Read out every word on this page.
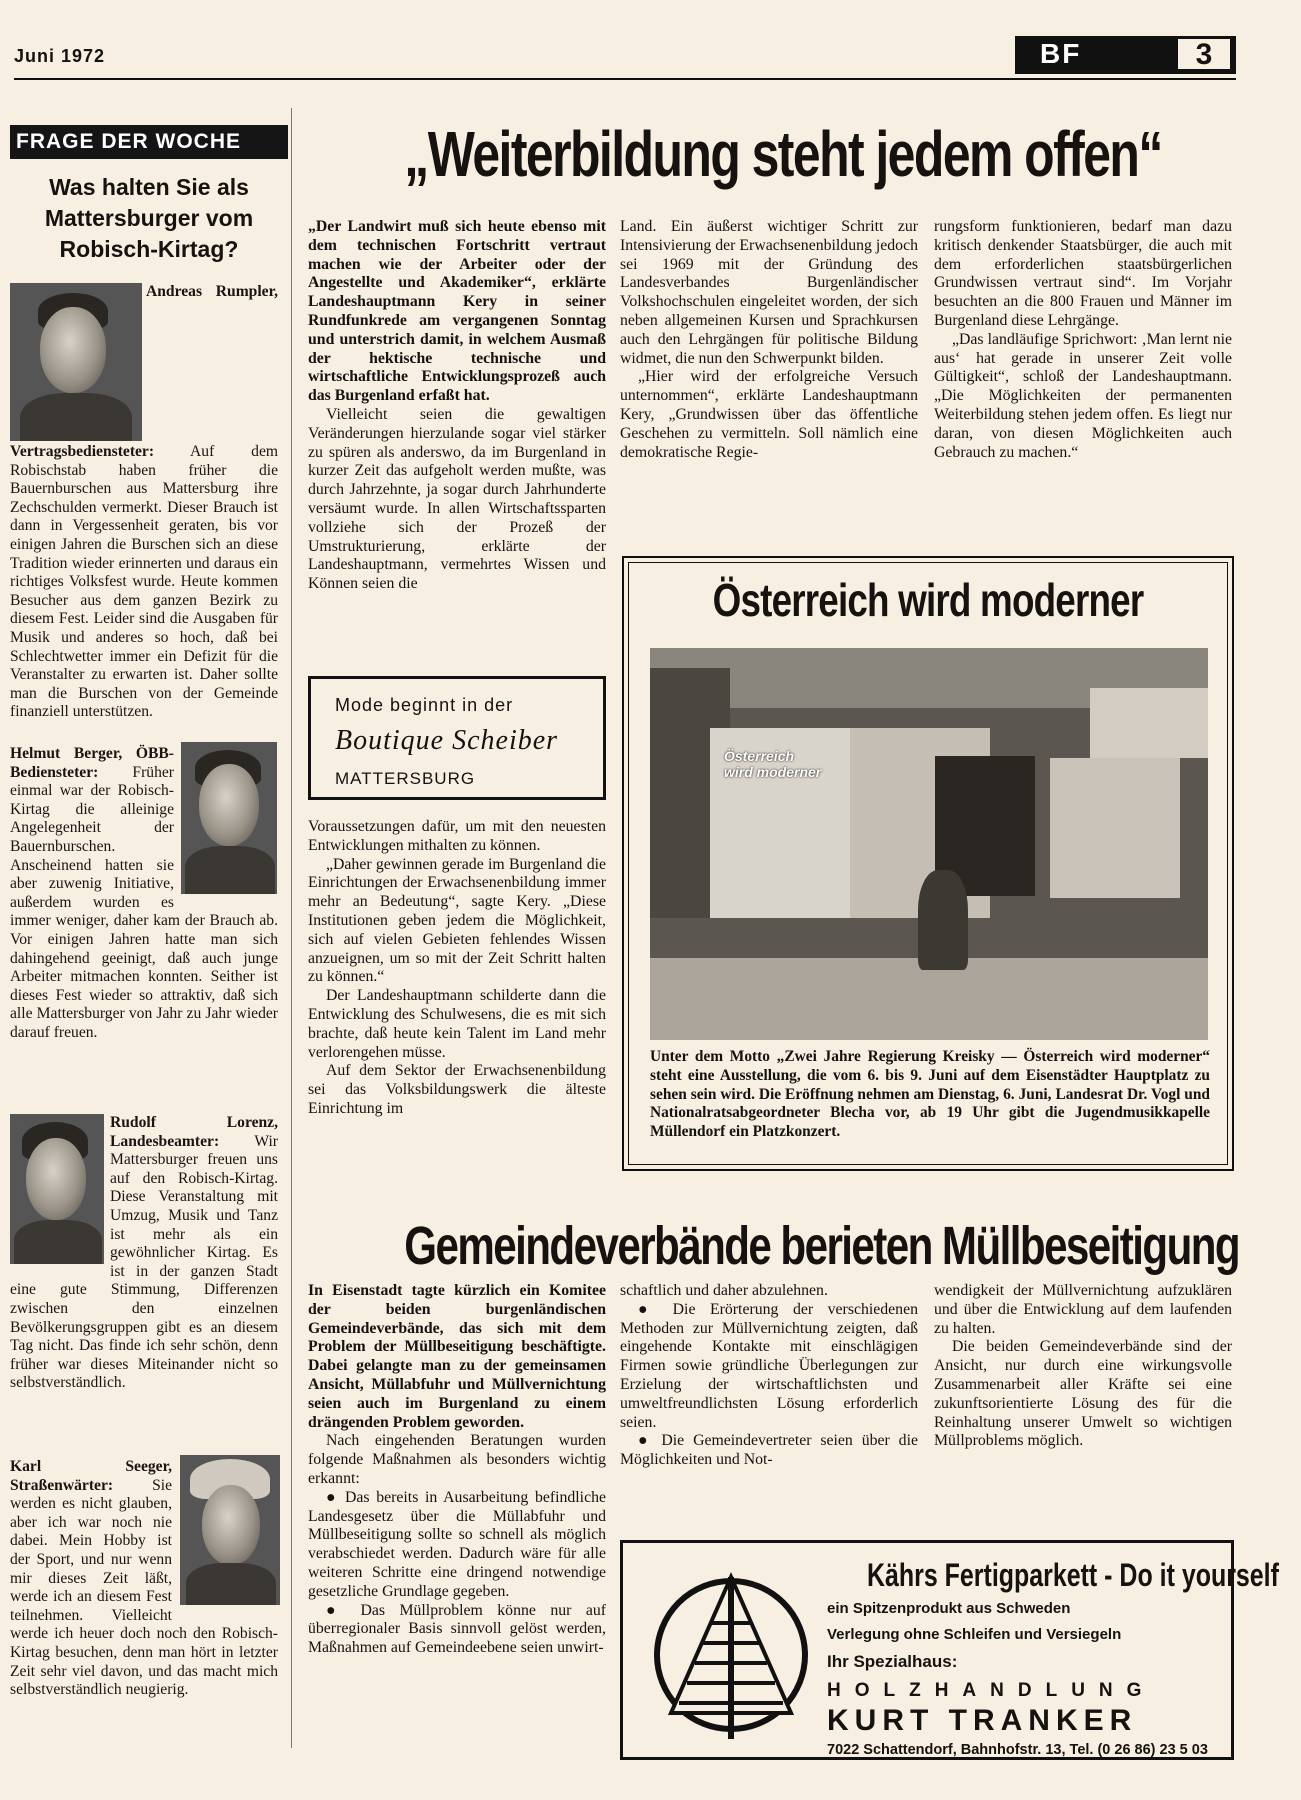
Juni 1972	BF	3
FRAGE DER WOCHE
Was halten Sie als Mattersburger vom Robisch-Kirtag?
Andreas Rumpler, Vertragsbediensteter: Auf dem Robischstab haben früher die Bauernburschen aus Mattersburg ihre Zechschulden vermerkt. Dieser Brauch ist dann in Vergessenheit geraten, bis vor einigen Jahren die Burschen sich an diese Tradition wieder erinnerten und daraus ein richtiges Volksfest wurde. Heute kommen Besucher aus dem ganzen Bezirk zu diesem Fest. Leider sind die Ausgaben für Musik und anderes so hoch, daß bei Schlechtwetter immer ein Defizit für die Veranstalter zu erwarten ist. Daher sollte man die Burschen von der Gemeinde finanziell unterstützen.
Helmut Berger, ÖBB-Bediensteter: Früher einmal war der Robisch-Kirtag die alleinige Angelegenheit der Bauernburschen. Anscheinend hatten sie aber zuwenig Initiative, außerdem wurden es immer weniger, daher kam der Brauch ab. Vor einigen Jahren hatte man sich dahingehend geeinigt, daß auch junge Arbeiter mitmachen konnten. Seither ist dieses Fest wieder so attraktiv, daß sich alle Mattersburger von Jahr zu Jahr wieder darauf freuen.
Rudolf Lorenz, Landesbeamter: Wir Mattersburger freuen uns auf den Robisch-Kirtag. Diese Veranstaltung mit Umzug, Musik und Tanz ist mehr als ein gewöhnlicher Kirtag. Es ist in der ganzen Stadt eine gute Stimmung, Differenzen zwischen den einzelnen Bevölkerungsgruppen gibt es an diesem Tag nicht. Das finde ich sehr schön, denn früher war dieses Miteinander nicht so selbstverständlich.
Karl Seeger, Straßenwärter:	Sie werden es nicht glauben, aber ich war noch nie dabei. Mein Hobby ist der Sport, und nur wenn mir dieses Zeit läßt, werde ich an diesem Fest teilnehmen. Vielleicht werde ich heuer doch noch den Robisch-Kirtag besuchen, denn man hört in letzter Zeit sehr viel davon, und das macht mich selbstverständlich neugierig.
„Weiterbildung steht jedem offen“

„Der Landwirt muß sich heute ebenso mit dem technischen Fortschritt vertraut machen wie der Arbeiter oder der Angestellte und Akademiker“, erklärte Landeshauptmann Kery in seiner Rundfunkrede am vergangenen Sonntag und unterstrich damit, in welchem Ausmaß der hektische technische und wirtschaftliche Entwicklungsprozeß auch das Burgenland erfaßt hat.

Vielleicht seien die gewaltigen Veränderungen hierzulande sogar viel stärker zu spüren als anderswo, da im Burgenland in kurzer Zeit das aufgeholt werden mußte, was durch Jahrzehnte, ja sogar durch Jahrhunderte versäumt wurde. In allen Wirtschaftssparten vollziehe sich der Prozeß der Umstrukturierung, erklärte der Landeshauptmann, vermehrtes Wissen und Können seien die

Mode beginnt in der
Boutique Scheiber
MATTERSBURG

Voraussetzungen dafür, um mit den neuesten Entwicklungen mithalten zu können.

„Daher gewinnen gerade im Burgenland die Einrichtungen der Erwachsenenbildung immer mehr an Bedeutung“, sagte Kery. „Diese Institutionen geben jedem die Möglichkeit, sich auf vielen Gebieten fehlendes Wissen anzueignen, um so mit der Zeit Schritt halten zu können.“

Der Landeshauptmann schilderte dann die Entwicklung des Schulwesens, die es mit sich brachte, daß heute kein Talent im Land mehr verlorengehen müsse.

Auf dem Sektor der Erwachsenenbildung sei das Volksbildungswerk die älteste Einrichtung im

Land. Ein äußerst wichtiger Schritt zur Intensivierung der Erwachsenenbildung jedoch sei 1969 mit der Gründung des Landesverbandes Burgenländischer Volkshochschulen eingeleitet worden, der sich neben allgemeinen Kursen und Sprachkursen auch den Lehrgängen für politische Bildung widmet, die nun den Schwerpunkt bilden.

„Hier wird der erfolgreiche Versuch unternommen“, erklärte Landeshauptmann Kery, „Grundwissen über das öffentliche Geschehen zu vermitteln. Soll nämlich eine demokratische Regie-

rungsform funktionieren, bedarf man dazu kritisch denkender Staatsbürger, die auch mit dem erforderlichen staatsbürgerlichen Grundwissen vertraut sind“. Im Vorjahr besuchten an die 800 Frauen und Männer im Burgenland diese Lehrgänge.

„Das landläufige Sprichwort: ‚Man lernt nie aus‘ hat gerade in unserer Zeit volle Gültigkeit“, schloß der Landeshauptmann. „Die Möglichkeiten der permanenten Weiterbildung stehen jedem offen. Es liegt nur daran, von diesen Möglichkeiten auch Gebrauch zu machen.“

Österreich wird moderner
Österreich wird moderner
Unter dem Motto „Zwei Jahre Regierung Kreisky — Österreich wird moderner“ steht eine Ausstellung, die vom 6. bis 9. Juni auf dem Eisenstädter Hauptplatz zu sehen sein wird. Die Eröffnung nehmen am Dienstag, 6. Juni, Landesrat Dr. Vogl und Nationalratsabgeordneter Blecha vor, ab 19 Uhr gibt die Jugendmusikkapelle Müllendorf ein Platzkonzert.
Gemeindeverbände berieten Müllbeseitigung

In Eisenstadt tagte kürzlich ein Komitee der beiden burgenländischen Gemeindeverbände, das sich mit dem Problem der Müllbeseitigung beschäftigte. Dabei gelangte man zu der gemeinsamen Ansicht, Müllabfuhr und Müllvernichtung seien auch im Burgenland zu einem drängenden Problem geworden.

Nach eingehenden Beratungen wurden folgende Maßnahmen als besonders wichtig erkannt:

● Das bereits in Ausarbeitung befindliche Landesgesetz über die Müllabfuhr und Müllbeseitigung sollte so schnell als möglich verabschiedet werden. Dadurch wäre für alle weiteren Schritte eine dringend notwendige gesetzliche Grundlage gegeben.

● Das Müllproblem könne nur auf überregionaler Basis sinnvoll gelöst werden, Maßnahmen auf Gemeindeebene seien unwirt-

schaftlich und daher abzulehnen.

● Die Erörterung der verschiedenen Methoden zur Müllvernichtung zeigten, daß eingehende Kontakte mit einschlägigen Firmen sowie gründliche Überlegungen zur Erzielung der wirtschaftlichsten und umweltfreundlichsten Lösung erforderlich seien.

● Die Gemeindevertreter seien über die Möglichkeiten und Not-

wendigkeit der Müllvernichtung aufzuklären und über die Entwicklung auf dem laufenden zu halten.

Die beiden Gemeindeverbände sind der Ansicht, nur durch eine wirkungsvolle Zusammenarbeit aller Kräfte sei eine zukunftsorientierte Lösung des für die Reinhaltung unserer Umwelt so wichtigen Müllproblems möglich.

Kährs Fertigparkett - Do it yourself
ein Spitzenprodukt aus Schweden
Verlegung ohne Schleifen und Versiegeln
Ihr Spezialhaus:
HOLZHANDLUNG
KURT TRANKER
7022 Schattendorf, Bahnhofstr. 13, Tel. (0 26 86) 23 5 03
